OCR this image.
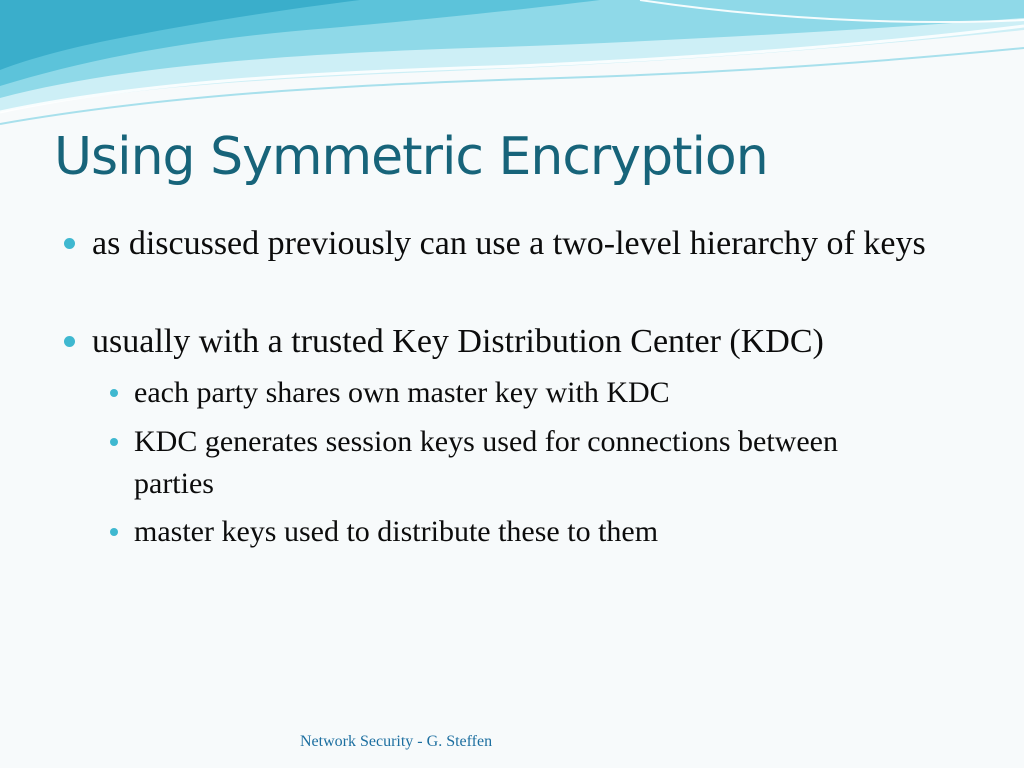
Using Symmetric Encryption
as discussed previously can use a two-level hierarchy of keys
usually with a trusted Key Distribution Center (KDC)
each party shares own master key with KDC
KDC generates session keys used for connections between parties
master keys used to distribute these to them
Network Security - G. Steffen
